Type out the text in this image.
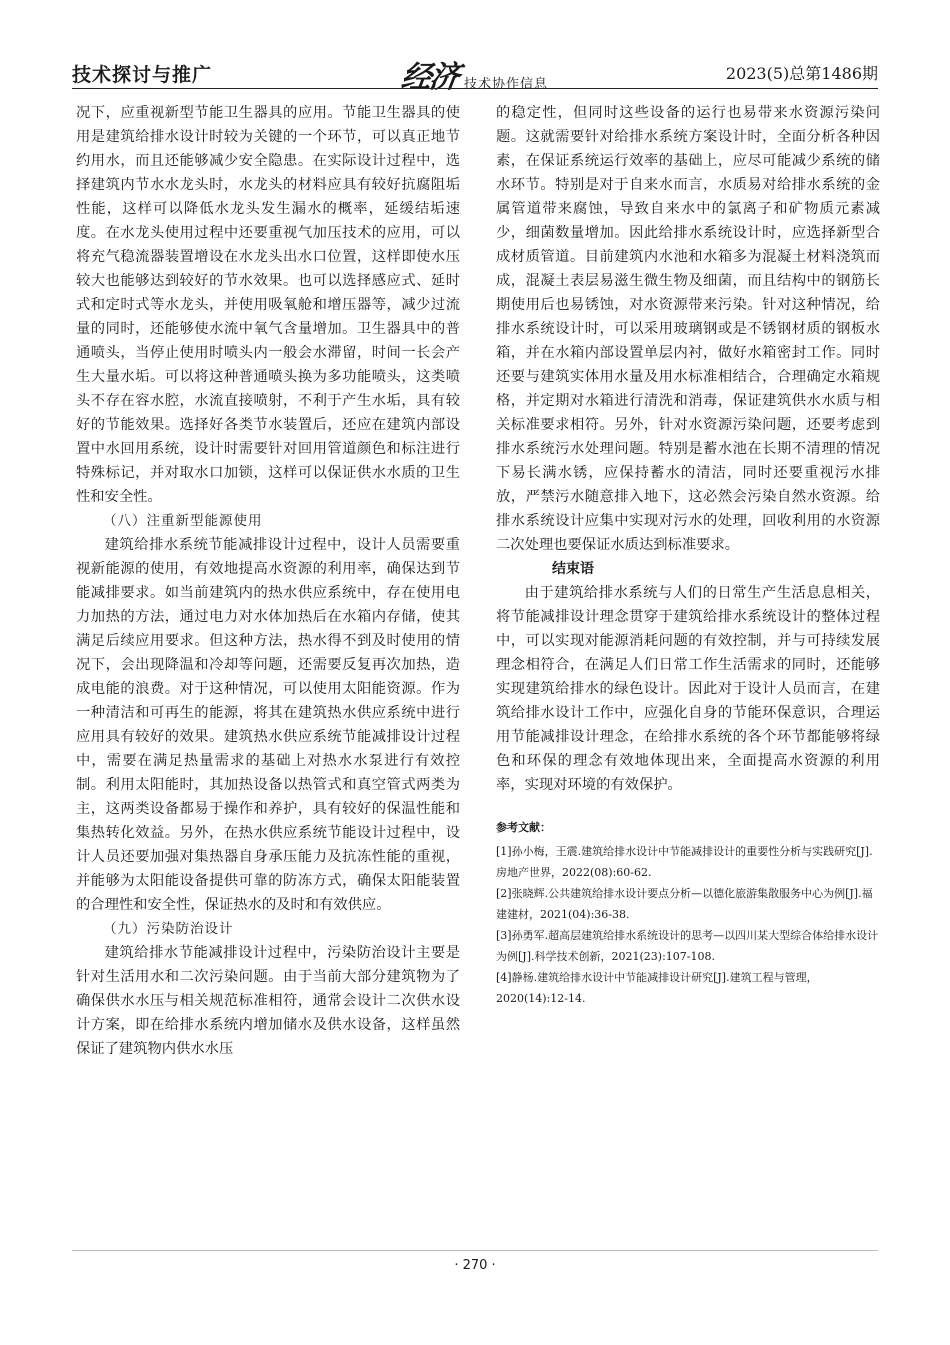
技术探讨与推广	经济 技术协作信息
2023(5)总第1486期

况下，应重视新型节能卫生器具的应用。节能卫生器具的使用是建筑给排水设计时较为关键的一个环节，可以真正地节约用水，而且还能够减少安全隐患。在实际设计过程中，选择建筑内节水水龙头时，水龙头的材料应具有较好抗腐阻垢性能，这样可以降低水龙头发生漏水的概率，延缓结垢速度。在水龙头使用过程中还要重视气加压技术的应用，可以将充气稳流器装置增设在水龙头出水口位置，这样即使水压较大也能够达到较好的节水效果。也可以选择感应式、延时式和定时式等水龙头，并使用吸氧舱和增压器等，减少过流量的同时，还能够使水流中氧气含量增加。卫生器具中的普通喷头，当停止使用时喷头内一般会水滞留，时间一长会产生大量水垢。可以将这种普通喷头换为多功能喷头，这类喷头不存在容水腔，水流直接喷射，不利于产生水垢，具有较好的节能效果。选择好各类节水装置后，还应在建筑内部设置中水回用系统，设计时需要针对回用管道颜色和标注进行特殊标记，并对取水口加锁，这样可以保证供水水质的卫生性和安全性。

（八）注重新型能源使用

建筑给排水系统节能减排设计过程中，设计人员需要重视新能源的使用，有效地提高水资源的利用率，确保达到节能减排要求。如当前建筑内的热水供应系统中，存在使用电力加热的方法，通过电力对水体加热后在水箱内存储，使其满足后续应用要求。但这种方法，热水得不到及时使用的情况下，会出现降温和冷却等问题，还需要反复再次加热，造成电能的浪费。对于这种情况，可以使用太阳能资源。作为一种清洁和可再生的能源，将其在建筑热水供应系统中进行应用具有较好的效果。建筑热水供应系统节能减排设计过程中，需要在满足热量需求的基础上对热水水泵进行有效控制。利用太阳能时，其加热设备以热管式和真空管式两类为主，这两类设备都易于操作和养护，具有较好的保温性能和集热转化效益。另外，在热水供应系统节能设计过程中，设计人员还要加强对集热器自身承压能力及抗冻性能的重视，并能够为太阳能设备提供可靠的防冻方式，确保太阳能装置的合理性和安全性，保证热水的及时和有效供应。

（九）污染防治设计

建筑给排水节能减排设计过程中，污染防治设计主要是针对生活用水和二次污染问题。由于当前大部分建筑物为了确保供水水压与相关规范标准相符，通常会设计二次供水设计方案，即在给排水系统内增加储水及供水设备，这样虽然保证了建筑物内供水水压

的稳定性，但同时这些设备的运行也易带来水资源污染问题。这就需要针对给排水系统方案设计时，全面分析各种因素，在保证系统运行效率的基础上，应尽可能减少系统的储水环节。特别是对于自来水而言，水质易对给排水系统的金属管道带来腐蚀，导致自来水中的氯离子和矿物质元素减少，细菌数量增加。因此给排水系统设计时，应选择新型合成材质管道。目前建筑内水池和水箱多为混凝土材料浇筑而成，混凝土表层易滋生微生物及细菌，而且结构中的钢筋长期使用后也易锈蚀，对水资源带来污染。针对这种情况，给排水系统设计时，可以采用玻璃钢或是不锈钢材质的钢板水箱，并在水箱内部设置单层内衬，做好水箱密封工作。同时还要与建筑实体用水量及用水标准相结合，合理确定水箱规格，并定期对水箱进行清洗和消毒，保证建筑供水水质与相关标准要求相符。另外，针对水资源污染问题，还要考虑到排水系统污水处理问题。特别是蓄水池在长期不清理的情况下易长满水锈，应保持蓄水的清洁，同时还要重视污水排放，严禁污水随意排入地下，这必然会污染自然水资源。给排水系统设计应集中实现对污水的处理，回收利用的水资源二次处理也要保证水质达到标准要求。

结束语

由于建筑给排水系统与人们的日常生产生活息息相关，将节能减排设计理念贯穿于建筑给排水系统设计的整体过程中，可以实现对能源消耗问题的有效控制，并与可持续发展理念相符合，在满足人们日常工作生活需求的同时，还能够实现建筑给排水的绿色设计。因此对于设计人员而言，在建筑给排水设计工作中，应强化自身的节能环保意识，合理运用节能减排设计理念，在给排水系统的各个环节都能够将绿色和环保的理念有效地体现出来，全面提高水资源的利用率，实现对环境的有效保护。

参考文献：

[1]孙小梅，王震.建筑给排水设计中节能减排设计的重要性分析与实践研究[J].房地产世界，2022(08):60-62.

[2]张晓辉.公共建筑给排水设计要点分析—以德化旅游集散服务中心为例[J].福建建材，2021(04):36-38.

[3]孙勇军.超高层建筑给排水系统设计的思考—以四川某大型综合体给排水设计为例[J].科学技术创新，2021(23):107-108.

[4]静杨.建筑给排水设计中节能减排设计研究[J].建筑工程与管理，2020(14):12-14.

· 270 ·
